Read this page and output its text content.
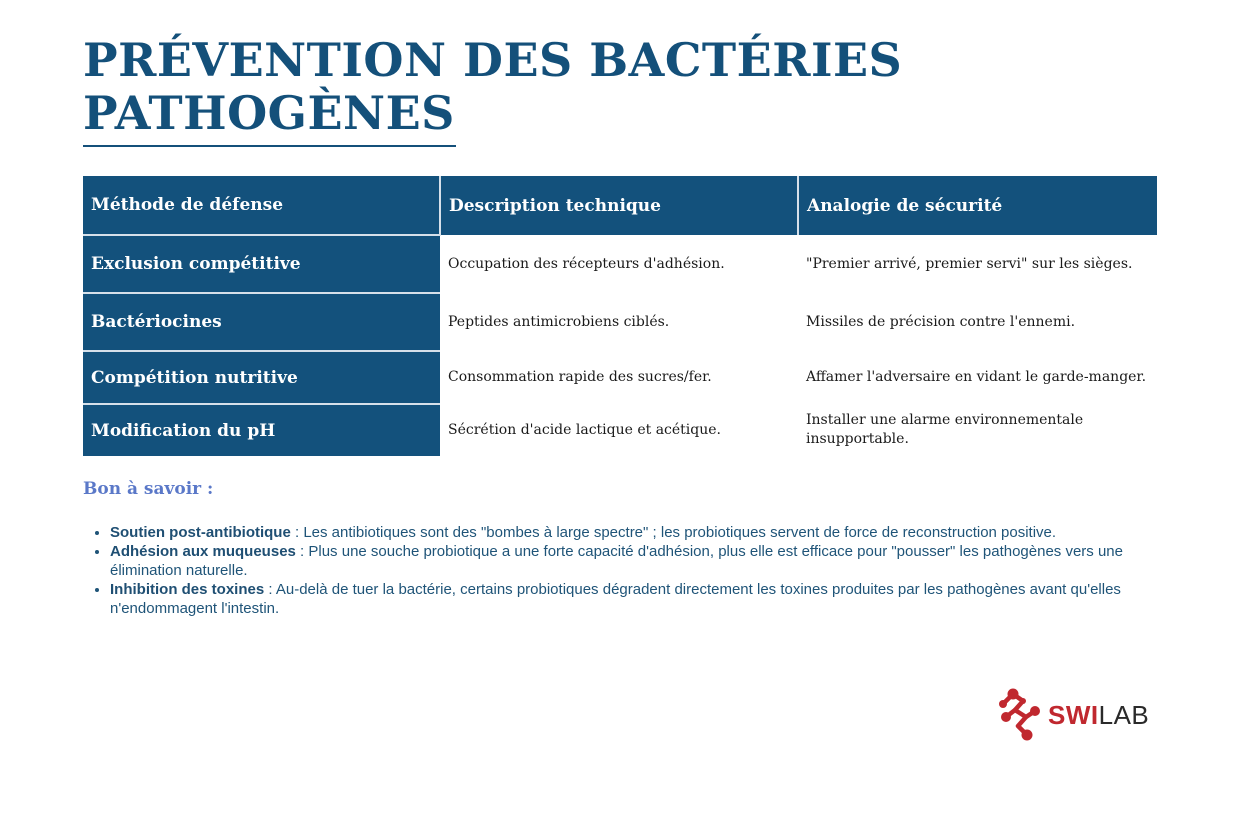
PRÉVENTION DES BACTÉRIES PATHOGÈNES
Méthode de défense	Description technique	Analogie de sécurité
Exclusion compétitive	Occupation des récepteurs d'adhésion.	"Premier arrivé, premier servi" sur les sièges.
Bactériocines	Peptides antimicrobiens ciblés.	Missiles de précision contre l'ennemi.
Compétition nutritive	Consommation rapide des sucres/fer.	Affamer l'adversaire en vidant le garde-manger.
Modification du pH	Sécrétion d'acide lactique et acétique.	Installer une alarme environnementale insupportable.
Bon à savoir :
• Soutien post-antibiotique : Les antibiotiques sont des "bombes à large spectre" ; les probiotiques servent de force de reconstruction positive.
• Adhésion aux muqueuses : Plus une souche probiotique a une forte capacité d'adhésion, plus elle est efficace pour "pousser" les pathogènes vers une élimination naturelle.
• Inhibition des toxines : Au-delà de tuer la bactérie, certains probiotiques dégradent directement les toxines produites par les pathogènes avant qu'elles n'endommagent l'intestin.
SWILAB
